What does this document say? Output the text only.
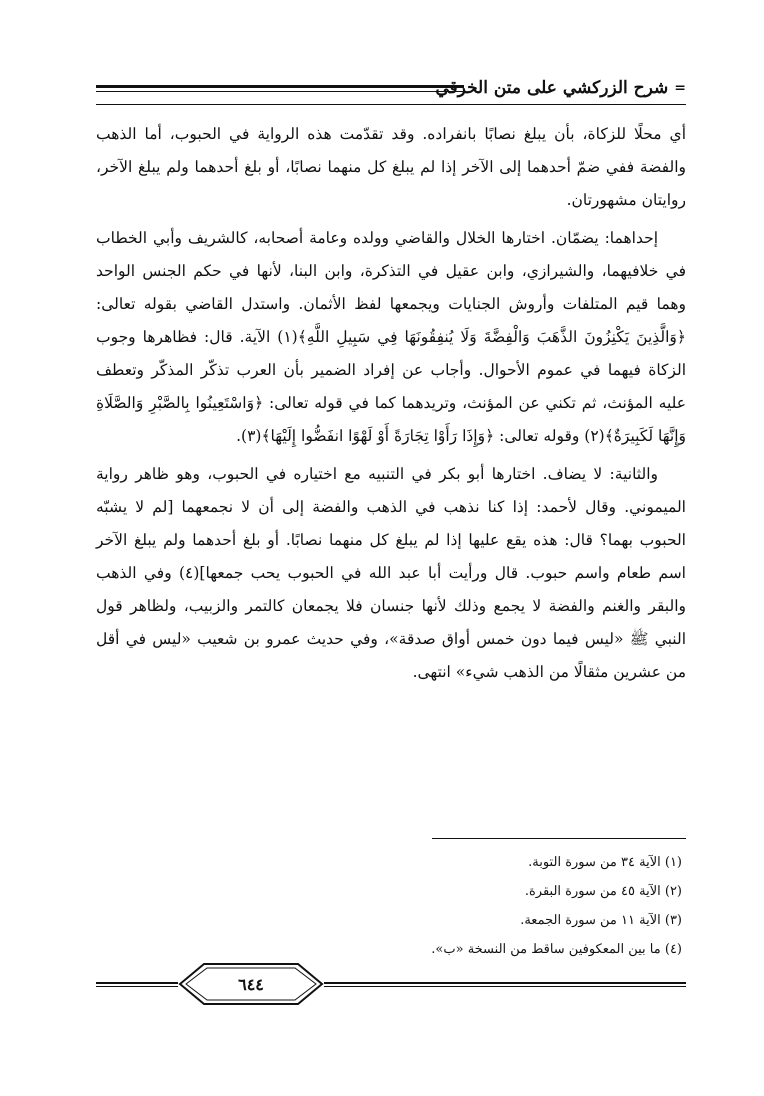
=
شرح الزركشي على متن الخرقي

أي محلًا للزكاة، بأن يبلغ نصابًا بانفراده. وقد تقدّمت هذه الرواية في الحبوب، أما الذهب والفضة ففي ضمّ أحدهما إلى الآخر إذا لم يبلغ كل منهما نصابًا، أو بلغ أحدهما ولم يبلغ الآخر، روايتان مشهورتان.

إحداهما: يضمّان. اختارها الخلال والقاضي وولده وعامة أصحابه، كالشريف وأبي الخطاب في خلافيهما، والشيرازي، وابن عقيل في التذكرة، وابن البنا، لأنها في حكم الجنس الواحد وهما قيم المتلفات وأروش الجنايات ويجمعها لفظ الأثمان. واستدل القاضي بقوله تعالى: ﴿وَالَّذِينَ يَكْنِزُونَ الذَّهَبَ وَالْفِضَّةَ وَلَا يُنفِقُونَهَا فِي سَبِيلِ اللَّهِ﴾(١) الآية. قال: فظاهرها وجوب الزكاة فيهما في عموم الأحوال. وأجاب عن إفراد الضمير بأن العرب تذكّر المذكّر وتعطف عليه المؤنث، ثم تكني عن المؤنث، وتريدهما كما في قوله تعالى: ﴿وَاسْتَعِينُوا بِالصَّبْرِ وَالصَّلَاةِ وَإِنَّهَا لَكَبِيرَةٌ﴾(٢) وقوله تعالى: ﴿وَإِذَا رَأَوْا تِجَارَةً أَوْ لَهْوًا انفَضُّوا إِلَيْهَا﴾(٣).

والثانية: لا يضاف. اختارها أبو بكر في التنبيه مع اختياره في الحبوب، وهو ظاهر رواية الميموني. وقال لأحمد: إذا كنا نذهب في الذهب والفضة إلى أن لا نجمعهما [لم لا يشبّه الحبوب بهما؟ قال: هذه يقع عليها إذا لم يبلغ كل منهما نصابًا. أو بلغ أحدهما ولم يبلغ الآخر اسم طعام واسم حبوب. قال ورأيت أبا عبد الله في الحبوب يحب جمعها](٤) وفي الذهب والبقر والغنم والفضة لا يجمع وذلك لأنها جنسان فلا يجمعان كالتمر والزبيب، ولظاهر قول النبي ﷺ «ليس فيما دون خمس أواق صدقة»، وفي حديث عمرو بن شعيب «ليس في أقل من عشرين مثقالًا من الذهب شيء» انتهى.

(١) الآية ٣٤ من سورة التوبة.
(٢) الآية ٤٥ من سورة البقرة.
(٣) الآية ١١ من سورة الجمعة.
(٤) ما بين المعكوفين ساقط من النسخة «ب».
٦٤٤
